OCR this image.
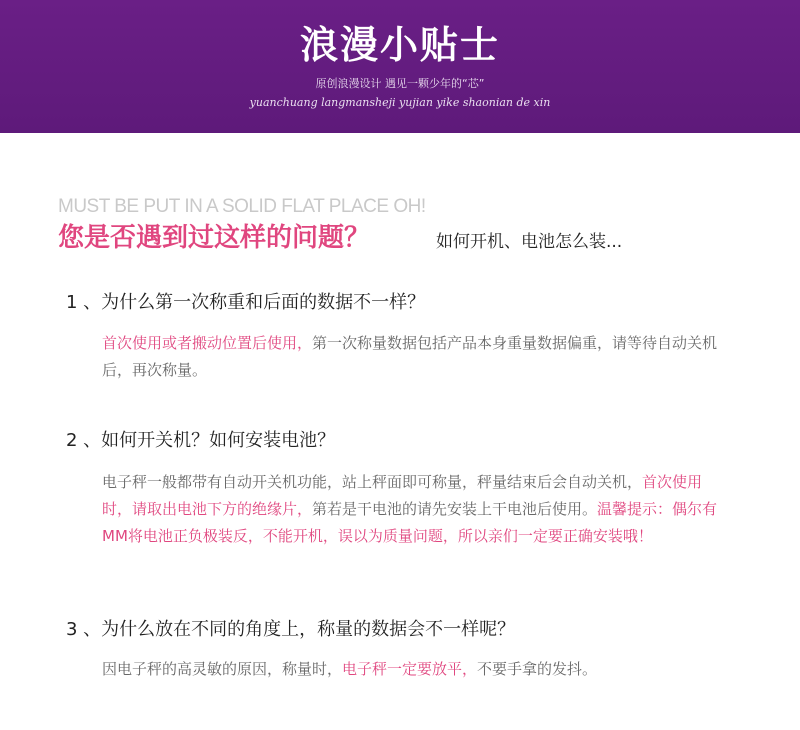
浪漫小贴士
原创浪漫设计 遇见一颗少年的“芯”
yuanchuang langmansheji yujian yike shaonian de xin
MUST BE PUT IN A SOLID FLAT PLACE OH!
您是否遇到过这样的问题？	如何开机、电池怎么装...
1 、为什么第一次称重和后面的数据不一样？
首次使用或者搬动位置后使用，第一次称量数据包括产品本身重量数据偏重，请等待自动关机后，再次称量。
2 、如何开关机？如何安装电池？
电子秤一般都带有自动开关机功能，站上秤面即可称量，秤量结束后会自动关机，首次使用时，请取出电池下方的绝缘片，第若是干电池的请先安装上干电池后使用。温馨提示：偶尔有MM将电池正负极装反，不能开机，误以为质量问题，所以亲们一定要正确安装哦！
3 、为什么放在不同的角度上，称量的数据会不一样呢？
因电子秤的高灵敏的原因，称量时，电子秤一定要放平，不要手拿的发抖。
